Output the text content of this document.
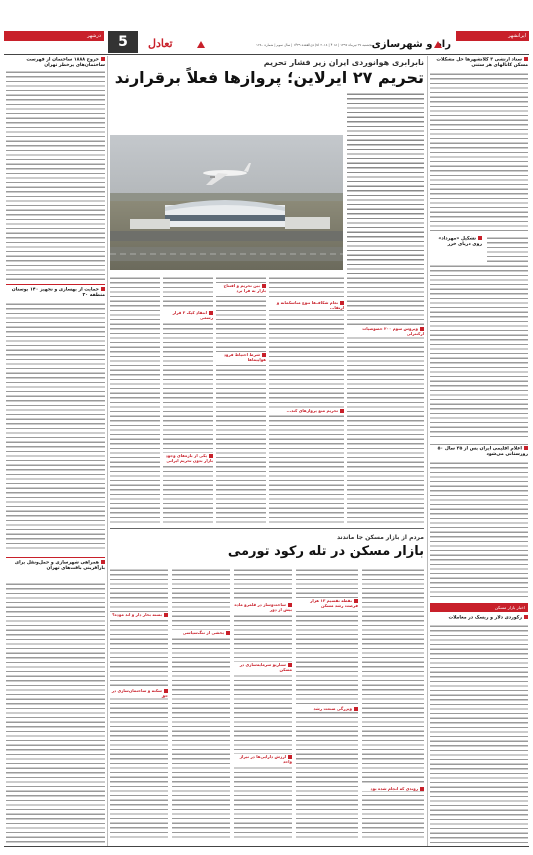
ایرانشهر
راه و شهرسازی
پنجشنبه ۲۷ تیرماه ۱۳۹۷ | ۱۸ Jul ۲۰۱۸ | ۴ ذی‌القعده ۱۴۳۹ | سال سوم | شماره ۱۲۸۰
تعادل
5
درشهر
خروج ۱۸۸۸ ساختمان از فهرست ساختمان‌های پرخطر تهران
حمایت از بهسازی و تجهیز ۱۴۰ بوستان منطقه ۲۰
همراهی شهرسازی و حمل‌ونقل برای بازآفرینی بافت‌های تهران
ستاد ارتشی ۳ کلانشهرها حل مشکلات مسکن کانالهای هر ستنی
تشکیل «مهرداد» روی دریای خزر
اعلام اقلیمی ایران پس از ۳۵ سال ۵۰ روزستانی می‌شود
اخبار بازار مسکن
رکوردی دلار و ریسک در معاملات
نابرابری هوانوردی ایران زیر فشار تحریم
تحریم ۲۷ ایرلاین؛ پروازها فعلاً برقرارند
ویروس سوم ۲۰۰ خصوصیات ارکنترلی
نعام شکاف‌ها تنوع مناسکمانه و ارتقا...
تحریم منع پروازهای کند...
بین تحریم و افتتاح بازار به فرا برد
انتقادِ کیک ۳ قرار رسمی
شرط احتیاط فرود هواپیماها
یکی از بازه‌های وجود بازار بدون تحریم ایرانی
مردم از بازار مسکن جا ماندند
بازار مسکن در تله رکود تورمی
نقطه تقسیم ۱۳ هزار فرصت رشد مسکن
بسته بخار دار و اند موده؟
ساخت‌وساز در قلمرو ماده بیش از دور
بخشی از تنگ‌سیاسی
سناریو سرمایه‌سازی در مسکن
ویزرگی صنعت رشد
سکته و ساختمان‌سازی در حق
ارزش دارایی‌ها در تیراژ واحد
روندی که انجام شده بود
